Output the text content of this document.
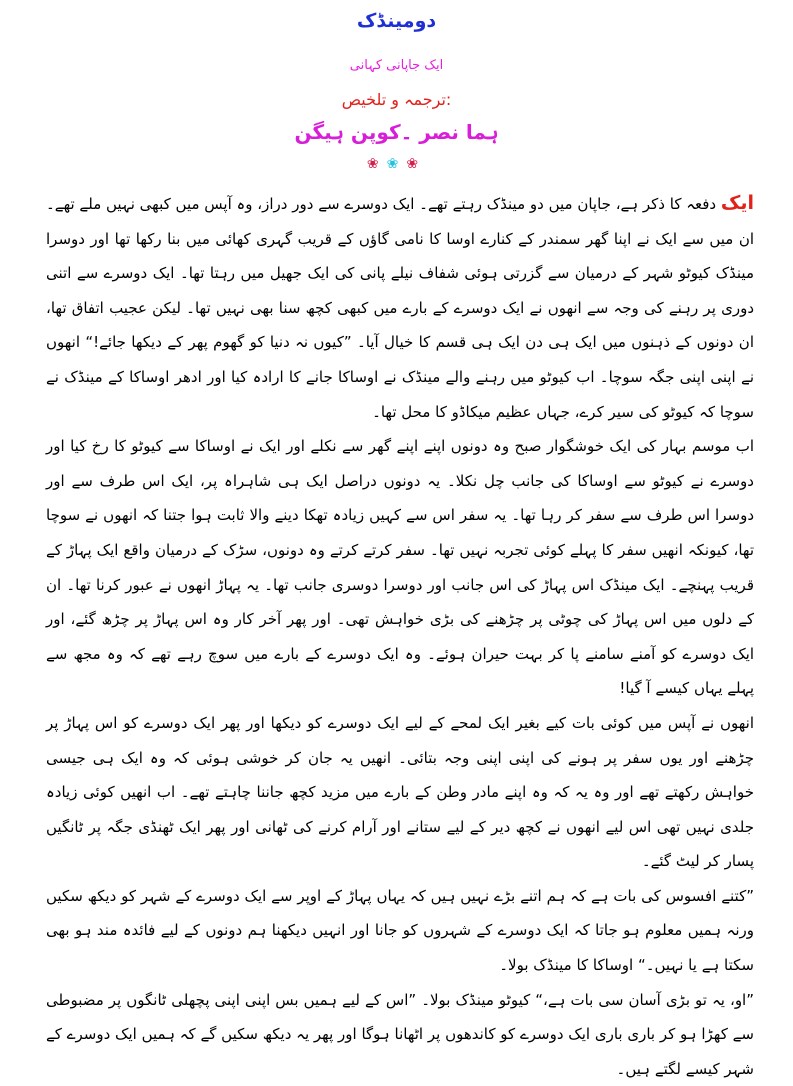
دومینڈک
ایک جاپانی کہانی
ترجمہ و تلخیص:
ہما نصر ۔کوپن ہیگن
❀❀❀

ایک دفعہ کا ذکر ہے، جاپان میں دو مینڈک رہتے تھے۔ ایک دوسرے سے دور دراز، وہ آپس میں کبھی نہیں ملے تھے۔ ان میں سے ایک نے اپنا گھر سمندر کے کنارے اوسا کا نامی گاؤں کے قریب گہری کھائی میں بنا رکھا تھا اور دوسرا مینڈک کیوٹو شہر کے درمیان سے گزرتی ہوئی شفاف نیلے پانی کی ایک جھیل میں رہتا تھا۔ ایک دوسرے سے اتنی دوری پر رہنے کی وجہ سے انھوں نے ایک دوسرے کے بارے میں کبھی کچھ سنا بھی نہیں تھا۔ لیکن عجیب اتفاق تھا، ان دونوں کے ذہنوں میں ایک ہی دن ایک ہی قسم کا خیال آیا۔ ”کیوں نہ دنیا کو گھوم پھر کے دیکھا جائے!“ انھوں نے اپنی اپنی جگہ سوچا۔ اب کیوٹو میں رہنے والے مینڈک نے اوساکا جانے کا ارادہ کیا اور ادھر اوساکا کے مینڈک نے سوچا کہ کیوٹو کی سیر کرے، جہاں عظیم میکاڈو کا محل تھا۔

اب موسم بہار کی ایک خوشگوار صبح وہ دونوں اپنے اپنے گھر سے نکلے اور ایک نے اوساکا سے کیوٹو کا رخ کیا اور دوسرے نے کیوٹو سے اوساکا کی جانب چل نکلا۔ یہ دونوں دراصل ایک ہی شاہراہ پر، ایک اس طرف سے اور دوسرا اس طرف سے سفر کر رہا تھا۔ یہ سفر اس سے کہیں زیادہ تھکا دینے والا ثابت ہوا جتنا کہ انھوں نے سوچا تھا، کیونکہ انھیں سفر کا پہلے کوئی تجربہ نہیں تھا۔ سفر کرتے کرتے وہ دونوں، سڑک کے درمیان واقع ایک پہاڑ کے قریب پہنچے۔ ایک مینڈک اس پہاڑ کی اس جانب اور دوسرا دوسری جانب تھا۔ یہ پہاڑ انھوں نے عبور کرنا تھا۔ ان کے دلوں میں اس پہاڑ کی چوٹی پر چڑھنے کی بڑی خواہش تھی۔ اور پھر آخر کار وہ اس پہاڑ پر چڑھ گئے، اور ایک دوسرے کو آمنے سامنے پا کر بہت حیران ہوئے۔ وہ ایک دوسرے کے بارے میں سوچ رہے تھے کہ وہ مجھ سے پہلے یہاں کیسے آ گیا!

انھوں نے آپس میں کوئی بات کیے بغیر ایک لمحے کے لیے ایک دوسرے کو دیکھا اور پھر ایک دوسرے کو اس پہاڑ پر چڑھنے اور یوں سفر پر ہونے کی اپنی اپنی وجہ بتائی۔ انھیں یہ جان کر خوشی ہوئی کہ وہ ایک ہی جیسی خواہش رکھتے تھے اور وہ یہ کہ وہ اپنے مادر وطن کے بارے میں مزید کچھ جاننا چاہتے تھے۔ اب انھیں کوئی زیادہ جلدی نہیں تھی اس لیے انھوں نے کچھ دیر کے لیے ستانے اور آرام کرنے کی ٹھانی اور پھر ایک ٹھنڈی جگہ پر ٹانگیں پسار کر لیٹ گئے۔

”کتنے افسوس کی بات ہے کہ ہم اتنے بڑے نہیں ہیں کہ یہاں پہاڑ کے اوپر سے ایک دوسرے کے شہر کو دیکھ سکیں ورنہ ہمیں معلوم ہو جاتا کہ ایک دوسرے کے شہروں کو جانا اور انہیں دیکھنا ہم دونوں کے لیے فائدہ مند ہو بھی سکتا ہے یا نہیں۔“ اوساکا کا مینڈک بولا۔

”او، یہ تو بڑی آسان سی بات ہے،“ کیوٹو مینڈک بولا۔ ”اس کے لیے ہمیں بس اپنی اپنی پچھلی ٹانگوں پر مضبوطی سے کھڑا ہو کر باری باری ایک دوسرے کو کاندھوں پر اٹھانا ہوگا اور پھر یہ دیکھ سکیں گے کہ ہمیں ایک دوسرے کے شہر کیسے لگتے ہیں۔
